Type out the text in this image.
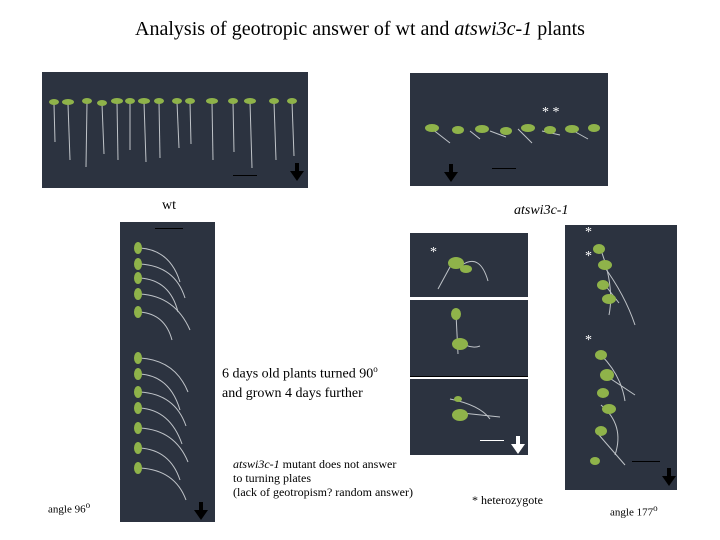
Analysis of geotropic answer of wt and atswi3c-1 plants
* *
wt	atswi3c-1
*
*
*
*
6 days old plants turned 90$^o$
and grown 4 days further
atswi3c-1 mutant does not answer
to turning plates
(lack of geotropism? random answer)
* heterozygote
angle 96$^o$
angle 177$^o$
